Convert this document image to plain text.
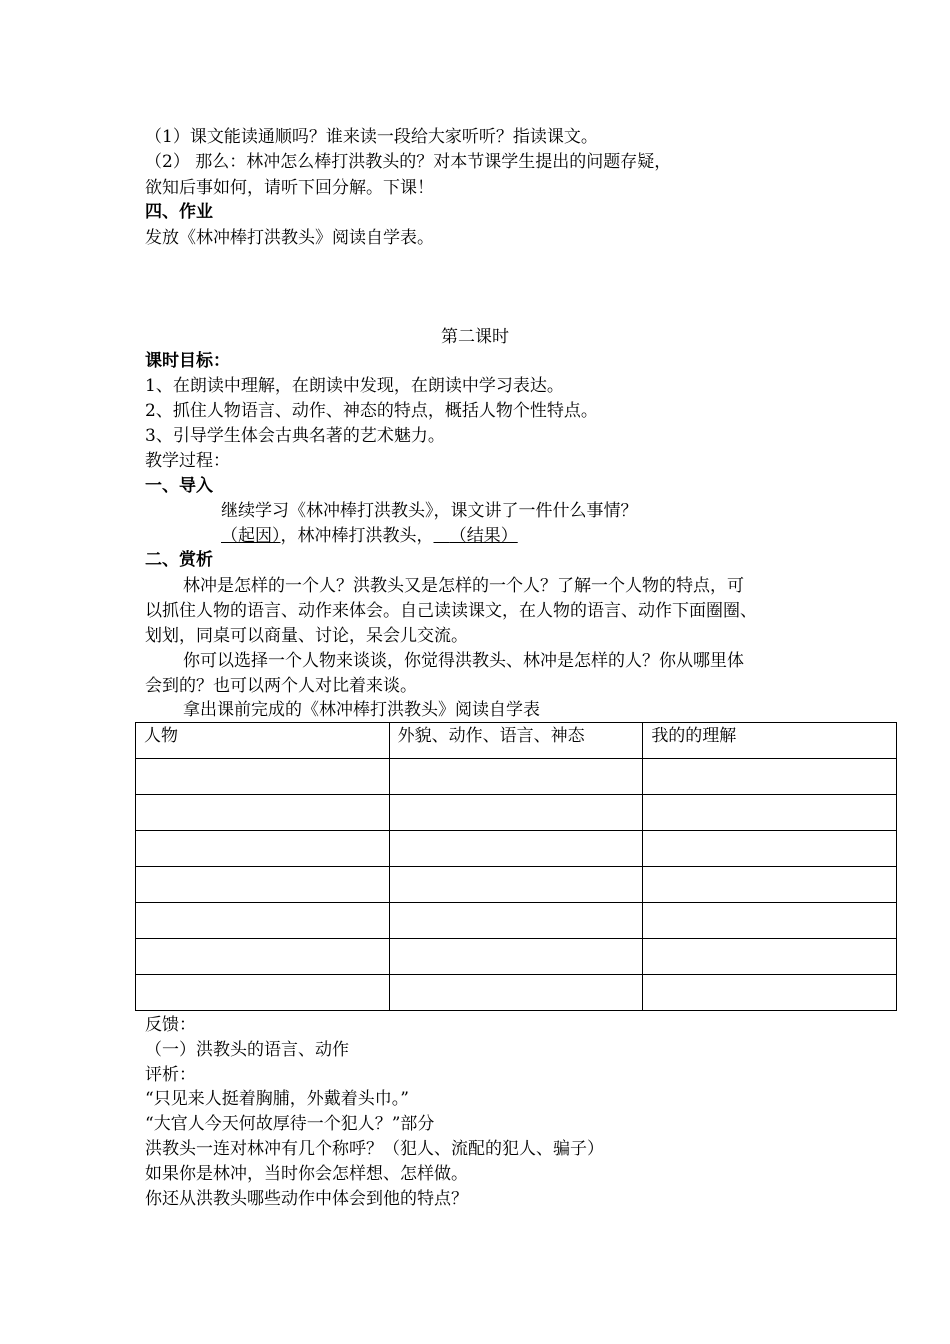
（1）课文能读通顺吗？谁来读一段给大家听听？指读课文。
（2） 那么：林冲怎么棒打洪教头的？对本节课学生提出的问题存疑，
欲知后事如何，请听下回分解。下课！
四、作业
发放《林冲棒打洪教头》阅读自学表。
第二课时
课时目标：
1、在朗读中理解，在朗读中发现，在朗读中学习表达。
2、抓住人物语言、动作、神态的特点，概括人物个性特点。
3、引导学生体会古典名著的艺术魅力。
教学过程：
一、导入
继续学习《林冲棒打洪教头》，课文讲了一件什么事情？
（起因），林冲棒打洪教头， （结果）
二、赏析
林冲是怎样的一个人？洪教头又是怎样的一个人？了解一个人物的特点，可
以抓住人物的语言、动作来体会。自己读读课文，在人物的语言、动作下面圈圈、
划划，同桌可以商量、讨论，呆会儿交流。
你可以选择一个人物来谈谈，你觉得洪教头、林冲是怎样的人？你从哪里体
会到的？也可以两个人对比着来谈。
拿出课前完成的《林冲棒打洪教头》阅读自学表
人物	外貌、动作、语言、神态	我的的理解

反馈：
（一）洪教头的语言、动作
评析：
“只见来人挺着胸脯，外戴着头巾。”
“大官人今天何故厚待一个犯人？”部分
洪教头一连对林冲有几个称呼？（犯人、流配的犯人、骗子）
如果你是林冲，当时你会怎样想、怎样做。
你还从洪教头哪些动作中体会到他的特点？
